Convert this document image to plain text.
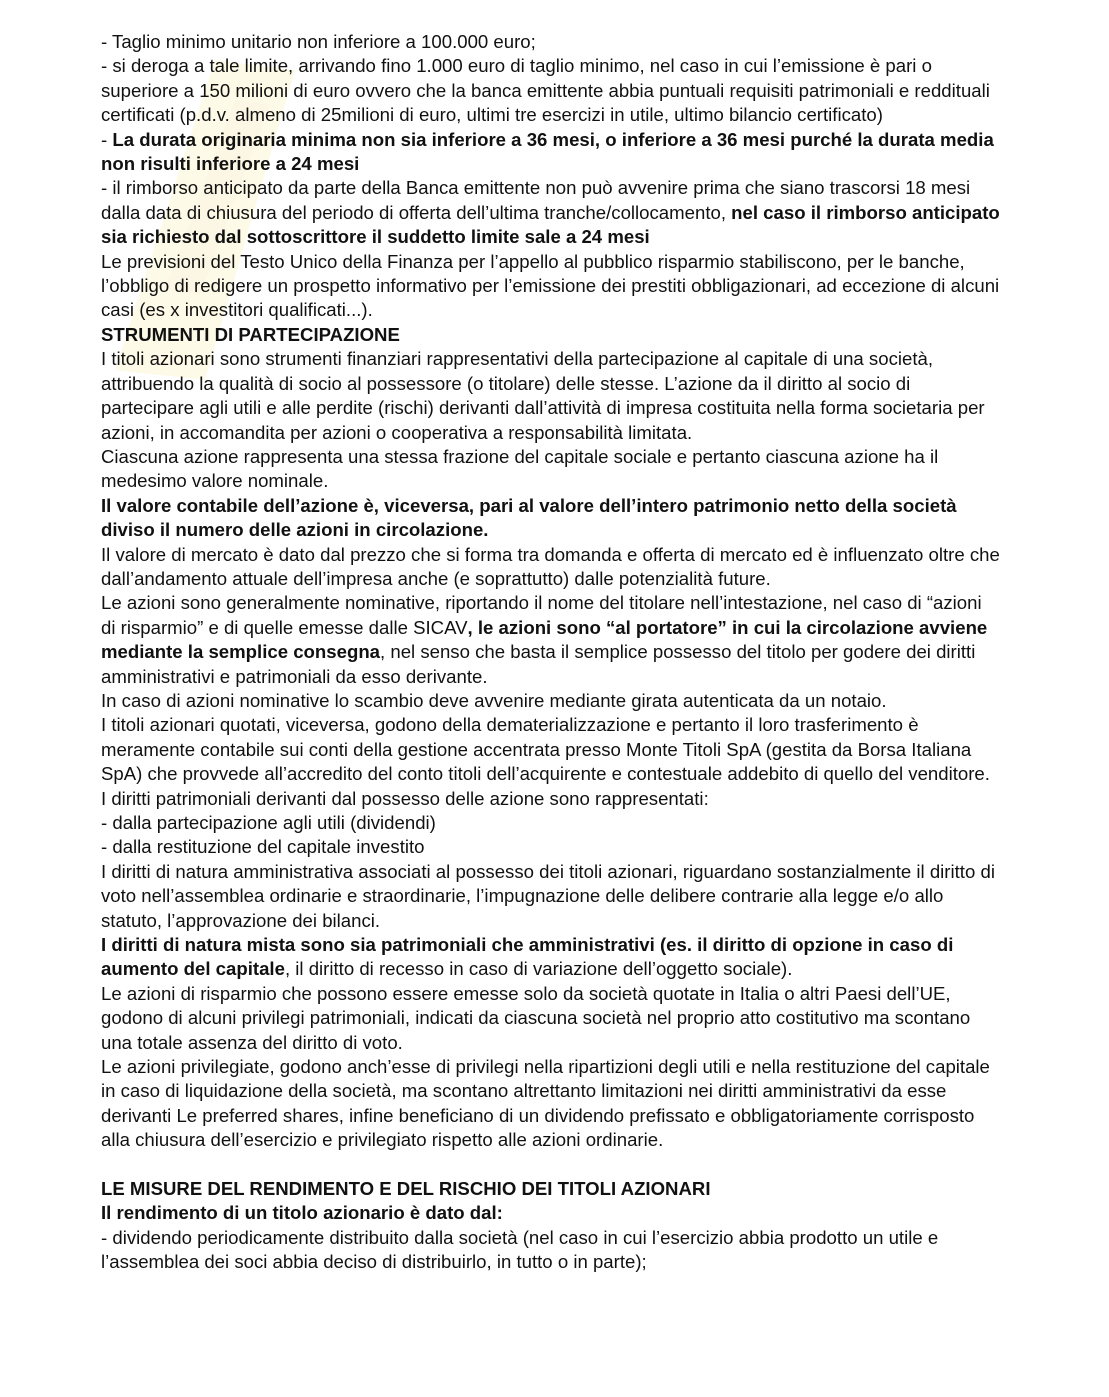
- Taglio minimo unitario non inferiore a 100.000 euro;

- si deroga a tale limite, arrivando fino 1.000 euro di taglio minimo, nel caso in cui l’emissione è pari o superiore a 150 milioni di euro ovvero che la banca emittente abbia puntuali requisiti patrimoniali e reddituali certificati (p.d.v. almeno di 25milioni di euro, ultimi tre esercizi in utile, ultimo bilancio certificato)

- La durata originaria minima non sia inferiore a 36 mesi, o inferiore a 36 mesi purché la durata media non risulti inferiore a 24 mesi

- il rimborso anticipato da parte della Banca emittente non può avvenire prima che siano trascorsi 18 mesi dalla data di chiusura del periodo di offerta dell’ultima tranche/collocamento, nel caso il rimborso anticipato sia richiesto dal sottoscrittore il suddetto limite sale a 24 mesi

Le previsioni del Testo Unico della Finanza per l’appello al pubblico risparmio stabiliscono, per le banche, l’obbligo di redigere un prospetto informativo per l’emissione dei prestiti obbligazionari, ad eccezione di alcuni casi (es x investitori qualificati...).

STRUMENTI DI PARTECIPAZIONE

I titoli azionari sono strumenti finanziari rappresentativi della partecipazione al capitale di una società, attribuendo la qualità di socio al possessore (o titolare) delle stesse. L’azione da il diritto al socio di partecipare agli utili e alle perdite (rischi) derivanti dall’attività di impresa costituita nella forma societaria per azioni, in accomandita per azioni o cooperativa a responsabilità limitata.

Ciascuna azione rappresenta una stessa frazione del capitale sociale e pertanto ciascuna azione ha il medesimo valore nominale.

Il valore contabile dell’azione è, viceversa, pari al valore dell’intero patrimonio netto della società diviso il numero delle azioni in circolazione.

Il valore di mercato è dato dal prezzo che si forma tra domanda e offerta di mercato ed è influenzato oltre che dall’andamento attuale dell’impresa anche (e soprattutto) dalle potenzialità future.

Le azioni sono generalmente nominative, riportando il nome del titolare nell’intestazione, nel caso di “azioni di risparmio” e di quelle emesse dalle SICAV, le azioni sono “al portatore” in cui la circolazione avviene mediante la semplice consegna, nel senso che basta il semplice possesso del titolo per godere dei diritti amministrativi e patrimoniali da esso derivante.

In caso di azioni nominative lo scambio deve avvenire mediante girata autenticata da un notaio.

I titoli azionari quotati, viceversa, godono della dematerializzazione e pertanto il loro trasferimento è meramente contabile sui conti della gestione accentrata presso Monte Titoli SpA (gestita da Borsa Italiana SpA) che provvede all’accredito del conto titoli dell’acquirente e contestuale addebito di quello del venditore.

I diritti patrimoniali derivanti dal possesso delle azione sono rappresentati:

- dalla partecipazione agli utili (dividendi)

- dalla restituzione del capitale investito

I diritti di natura amministrativa associati al possesso dei titoli azionari, riguardano sostanzialmente il diritto di voto nell’assemblea ordinarie e straordinarie, l’impugnazione delle delibere contrarie alla legge e/o allo statuto, l’approvazione dei bilanci.

I diritti di natura mista sono sia patrimoniali che amministrativi (es. il diritto di opzione in caso di aumento del capitale, il diritto di recesso in caso di variazione dell’oggetto sociale).

Le azioni di risparmio che possono essere emesse solo da società quotate in Italia o altri Paesi dell’UE, godono di alcuni privilegi patrimoniali, indicati da ciascuna società nel proprio atto costitutivo ma scontano una totale assenza del diritto di voto.

Le azioni privilegiate, godono anch’esse di privilegi nella ripartizioni degli utili e nella restituzione del capitale in caso di liquidazione della società, ma scontano altrettanto limitazioni nei diritti amministrativi da esse derivanti Le preferred shares, infine beneficiano di un dividendo prefissato e obbligatoriamente corrisposto alla chiusura dell’esercizio e privilegiato rispetto alle azioni ordinarie.

LE MISURE DEL RENDIMENTO E DEL RISCHIO DEI TITOLI AZIONARI

Il rendimento di un titolo azionario è dato dal:

- dividendo periodicamente distribuito dalla società (nel caso in cui l’esercizio abbia prodotto un utile e l’assemblea dei soci abbia deciso di distribuirlo, in tutto o in parte);
